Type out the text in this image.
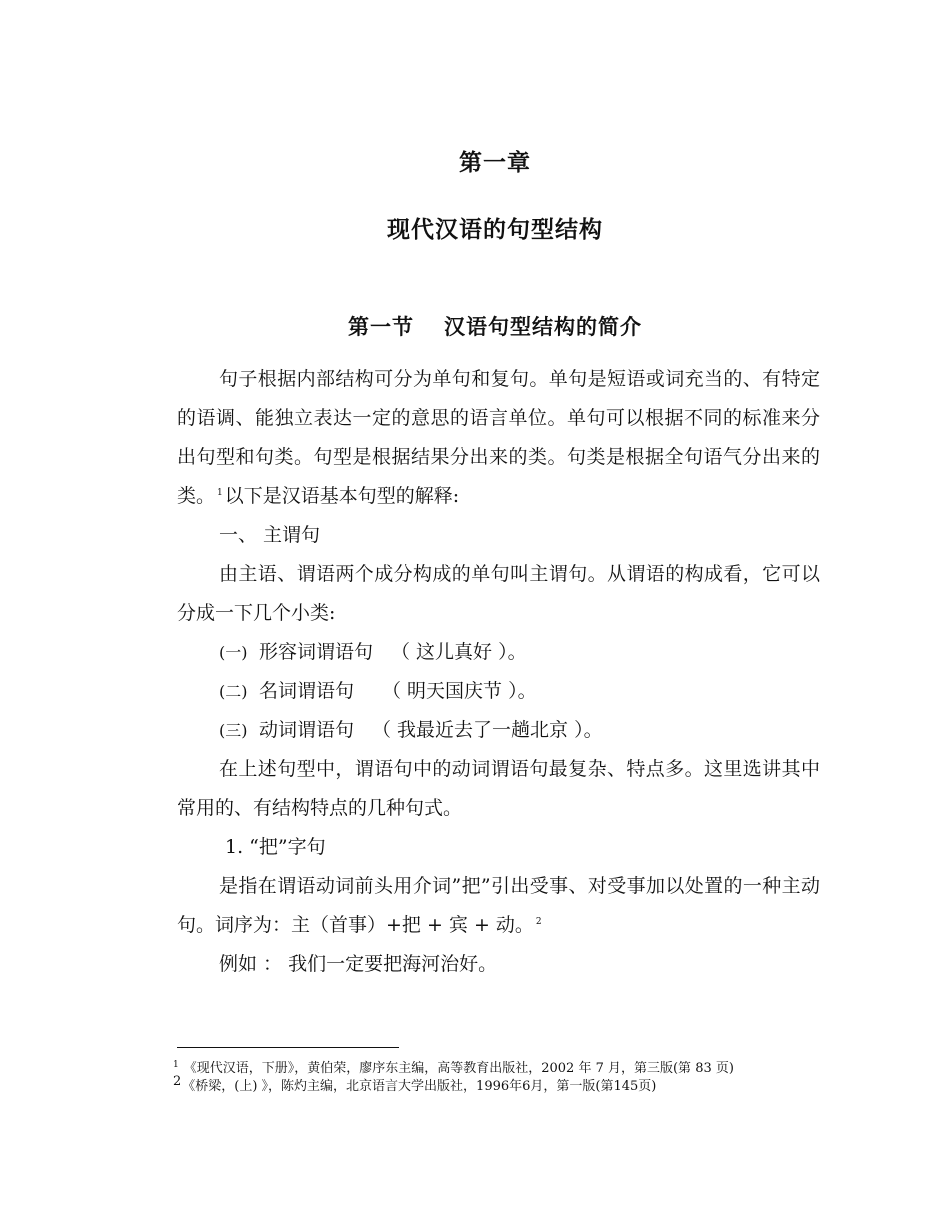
第一章
现代汉语的句型结构
第一节 汉语句型结构的简介

句子根据内部结构可分为单句和复句。单句是短语或词充当的、有特定的语调、能独立表达一定的意思的语言单位。单句可以根据不同的标准来分出句型和句类。句型是根据结果分出来的类。句类是根据全句语气分出来的类。 $^1$ 以下是汉语基本句型的解释:

一、 主谓句

由主语、谓语两个成分构成的单句叫主谓句。从谓语的构成看，它可以分成一下几个小类:

(一) 形容词谓语句 （ 这儿真好 ）。

(二) 名词谓语句 （ 明天国庆节 ）。

(三) 动词谓语句 （ 我最近去了一趟北京 ）。

在上述句型中，谓语句中的动词谓语句最复杂、特点多。这里选讲其中常用的、有结构特点的几种句式。

1. “把”字句

是指在谓语动词前头用介词”把”引出受事、对受事加以处置的一种主动句。词序为：主（首事）+把 + 宾 + 动。 $^2$

例如 ： 我们一定要把海河治好。

$^1$ 《现代汉语，下册》，黄伯荣，廖序东主编，高等教育出版社，2002 年 7 月，第三版(第 83 页)

2《桥梁，(上) 》，陈灼主编，北京语言大学出版社，1996年6月，第一版(第145页)
